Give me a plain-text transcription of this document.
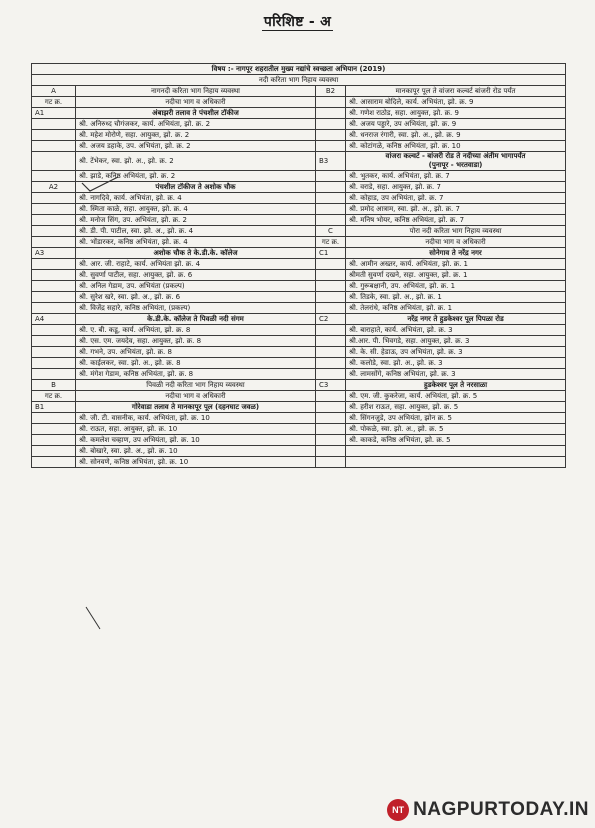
परिशिष्ट - अ
विषय :- नागपूर शहरातील मुख्य नद्यांचे स्वच्छता अभियान (2019)			
नदी करिता भाग निहाय व्यवस्था			
A	नागनदी करिता भाग निहाय व्यवस्था	B2	मानकापूर पूल ते वांजरा कल्वर्ट बांजरी रोड पर्यंत
गट क्र.	नदीचा भाग व अधिकारी		श्री. आसाराम बोदिले, कार्य. अभियंता, झो. क्र. 9
A1	अंबाझरी तलाव ते पंचशील टॉकीज		श्री. गणेश राठोड, सहा. आयुक्त, झो. क्र. 9
	श्री. अनिरुध्द चौगंजकर, कार्य. अभियंता, झो. क्र. 2		श्री. अजय पड्डारे, उप अभियंता, झो. क्र. 9
	श्री. महेश मोरोणे, सहा. आयुक्त, झो. क्र. 2		श्री. धनराज रंगारी, स्वा. झो. अ., झो. क्र. 9
	श्री. अजय डहाके, उप. अभियंता, झो. क्र. 2		श्री. कोटांगळे, कनिष्ठ अभियंता, झो. क्र. 10
	श्री. टेंभेकर, स्वा. झो. अ., झो. क्र. 2	B3	वांजरा कल्वर्ट - बांजरी रोड ते नदीच्या अंतीम भागापर्यंत
(पुनापूर - भरतवाडा)

	श्री. झाडे, कनिष्ठ अभियंता, झो. क्र. 2		श्री. भुतकर, कार्य. अभियंता, झो. क्र. 7
A2	पंचशील टॉकीज ते अशोक चौक		श्री. वराडे, सहा. आयुक्त, झो. क्र. 7
	श्री. नागदिवे, कार्य. अभियंता, झो. क्र. 4		श्री. कोहाड, उप अभियंता, झो. क्र. 7
	श्री. स्मिता काळे, सहा. आयुक्त, झो. क्र. 4		श्री. प्रमोद आत्राम, स्वा. झो. अ., झो. क्र. 7
	श्री. मनोज सिंग, उप. अभियंता, झो. क्र. 2		श्री. मनिष भोयर, कनिष्ठ अभियंता, झो. क्र. 7
	श्री. डी. पी. पाटील, स्वा. झो. अ., झो. क्र. 4	C	पोरा नदी करिता भाग निहाय व्यवस्था
	श्री. भोंडारकर, कनिष्ठ अभियंता, झो. क्र. 4	गट क्र.	नदीचा भाग व अधिकारी
A3	अशोक चौक ते के.डी.के. कॉलेज	C1	सोनेगाव ते नरेंद्र नगर
	श्री. आर. जी. राहाटे, कार्य. अभियंता झो. क्र. 4		श्री. आमीन अख्तर, कार्य. अभियंता, झो. क्र. 1
	श्री. सुवर्णा पाटील, सहा. आयुक्त, झो. क्र. 6		श्रीमती सुवर्णा दखने, सहा. आयुक्त, झो. क्र. 1
	श्री. अनिल गेडाम, उप. अभियंता (प्रकल्प)		श्री. गुरूबक्षानी, उप. अभियंता, झो. क्र. 1
	श्री. सुरेश खरे, स्वा. झो. अ., झो. क्र. 6		श्री. तिडके, स्वा. झो. अ., झो. क्र. 1
	श्री. विजेंद्र सहारे, कनिष्ठ अभियंता, (प्रकल्प)		श्री. तेलरांधे, कनिष्ठ अभियंता, झो. क्र. 1
A4	के.डी.के. कॉलेज ते पिवळी नदी संगम	C2	नरेंद्र नगर ते हुडकेश्वर पूल पिपळा रोड
	श्री. ए. बी. कडू, कार्य. अभियंता, झो. क्र. 8		श्री. बाराहाते, कार्य. अभियंता, झो. क्र. 3
	श्री. एस. एम. जयदेव, सहा. आयुक्त, झो. क्र. 8		श्री.आर. पी. भिवगडे, सहा. आयुक्त, झो. क्र. 3
	श्री. गभने, उप. अभियंता, झो. क्र. 8		श्री. के. सी. हेडाऊ, उप अभियंता, झो. क्र. 3
	श्री. काईलकर, स्वा. झो. अ., झो. क्र. 8		श्री. कलोडे, स्वा. झो. अ., झो. क्र. 3
	श्री. मंगेश गेडाम, कनिष्ठ अभियंता, झो. क्र. 8		श्री. लामसोंगे, कनिष्ठ अभियंता, झो. क्र. 3
B	पिवळी नदी करिता भाग निहाय व्यवस्था	C3	हुडकेश्वर पूल ते नरसाळा
गट क्र.	नदीचा भाग व अधिकारी		श्री. एम. जी. कुकरेजा, कार्य. अभियंता, झो. क्र. 5
B1	गोरेवाडा तलाव ते मानकापूर पूल (दहनघाट जवळ)		श्री. हरीश राऊत, सहा. आयुक्त, झो. क्र. 5
	श्री. जी. टी. वासनीक, कार्य. अभियंता, झो. क्र. 10		श्री. सिंगनजुडे, उप अभियंता, झोन क्र. 5
	श्री. राऊत, सहा. आयुक्त, झो. क्र. 10		श्री. पोकळे, स्वा. झो. अ., झो. क्र. 5
	श्री. कमलेश चव्हाण, उप अभियंता, झो. क्र. 10		श्री. काकडे, कनिष्ठ अभियंता, झो. क्र. 5
	श्री. बोखारे, स्वा. झो. अ., झो. क्र. 10		
	श्री. सोनवणे, कनिष्ठ अभियंता, झो. क्र. 10		
NT NAGPURTODAY.IN
